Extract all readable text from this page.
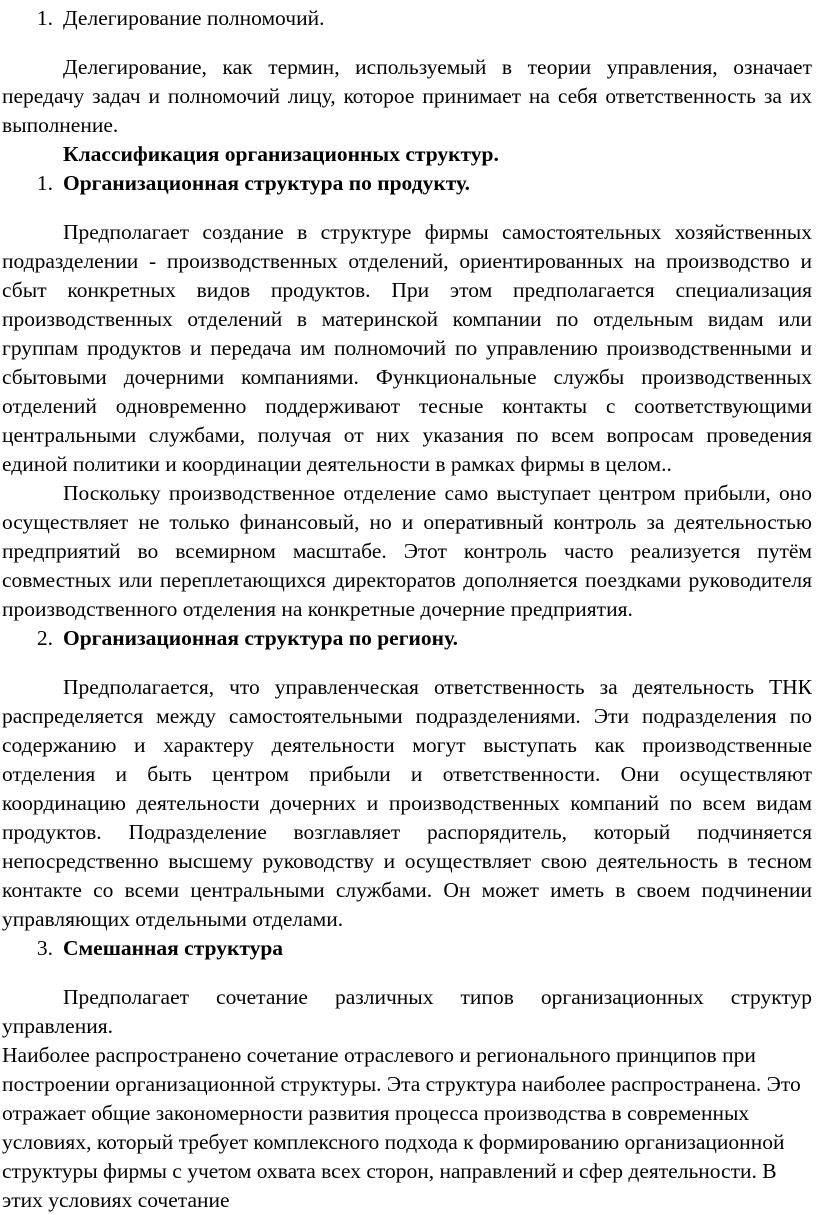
1. Делегирование полномочий.

Делегирование, как термин, используемый в теории управления, означает передачу задач и полномочий лицу, которое принимает на себя ответственность за их выполнение.

Классификация организационных структур.

1. Организационная структура по продукту.

Предполагает создание в структуре фирмы самостоятельных хозяйственных подразделении - производственных отделений, ориентированных на производство и сбыт конкретных видов продуктов. При этом предполагается специализация производственных отделений в материнской компании по отдельным видам или группам продуктов и передача им полномочий по управлению производственными и сбытовыми дочерними компаниями. Функциональные службы производственных отделений одновременно поддерживают тесные контакты с соответствующими центральными службами, получая от них указания по всем вопросам проведения единой политики и координации деятельности в рамках фирмы в целом..

Поскольку производственное отделение само выступает центром прибыли, оно осуществляет не только финансовый, но и оперативный контроль за деятельностью предприятий во всемирном масштабе. Этот контроль часто реализуется путём совместных или переплетающихся директоратов дополняется поездками руководителя производственного отделения на конкретные дочерние предприятия.

2. Организационная структура по региону.

Предполагается, что управленческая ответственность за деятельность ТНК распределяется между самостоятельными подразделениями. Эти подразделения по содержанию и характеру деятельности могут выступать как производственные отделения и быть центром прибыли и ответственности. Они осуществляют координацию деятельности дочерних и производственных компаний по всем видам продуктов. Подразделение возглавляет распорядитель, который подчиняется непосредственно высшему руководству и осуществляет свою деятельность в тесном контакте со всеми центральными службами. Он может иметь в своем подчинении управляющих отдельными отделами.

3. Смешанная структура

Предполагает сочетание различных типов организационных структур управления.

Наиболее распространено сочетание отраслевого и регионального принципов при построении организационной структуры. Эта структура наиболее распространена. Это отражает общие закономерности развития процесса производства в современных условиях, который требует комплексного подхода к формированию организационной структуры фирмы с учетом охвата всех сторон, направлений и сфер деятельности. В этих условиях сочетание
